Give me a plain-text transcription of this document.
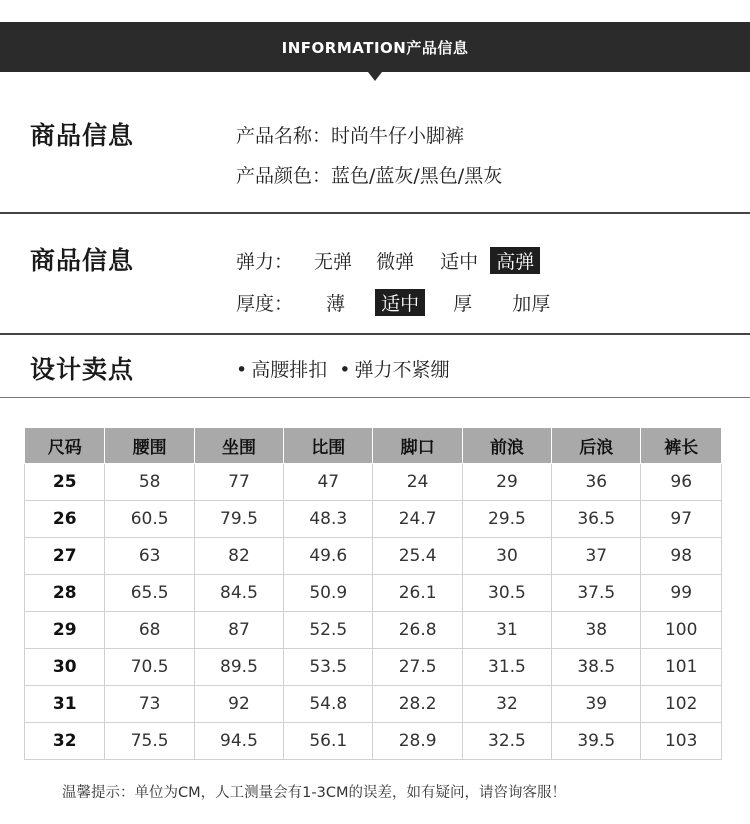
INFORMATION产品信息
商品信息	产品名称：时尚牛仔小脚裤
产品颜色：蓝色/蓝灰/黑色/黑灰
商品信息	弹力： 无弹 微弹 适中 高弹
厚度： 薄 适中 厚 加厚
设计卖点	• 高腰排扣 • 弹力不紧绷
尺码	腰围	坐围	比围	脚口	前浪	后浪	裤长
25	58	77	47	24	29	36	96
26	60.5	79.5	48.3	24.7	29.5	36.5	97
27	63	82	49.6	25.4	30	37	98
28	65.5	84.5	50.9	26.1	30.5	37.5	99
29	68	87	52.5	26.8	31	38	100
30	70.5	89.5	53.5	27.5	31.5	38.5	101
31	73	92	54.8	28.2	32	39	102
32	75.5	94.5	56.1	28.9	32.5	39.5	103
温馨提示：单位为CM，人工测量会有1-3CM的误差，如有疑问，请咨询客服！
